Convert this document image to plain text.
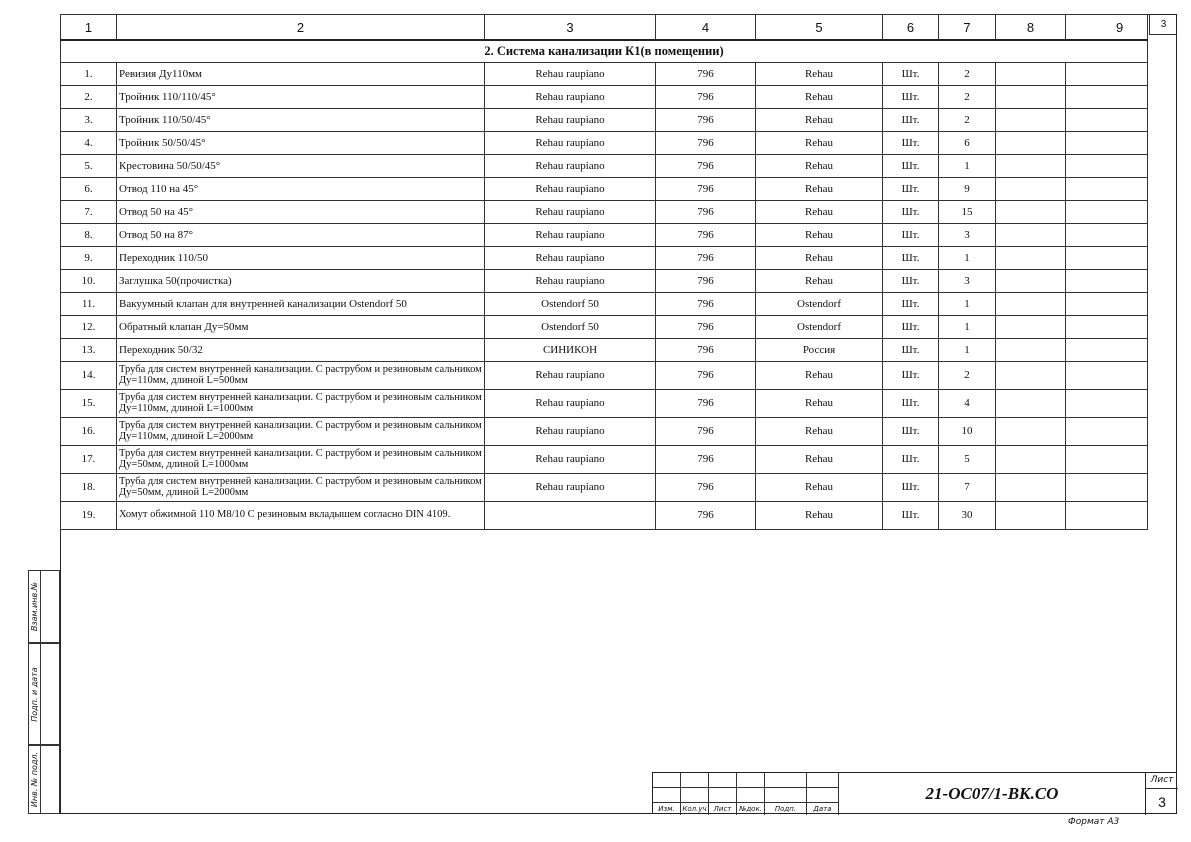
1	2	3	4	5	6	7	8	9
2. Система канализации К1(в помещении)								
1.	Ревизия Ду110мм	Rehau raupiano	796	Rehau	Шт.	2		
2.	Тройник 110/110/45°	Rehau raupiano	796	Rehau	Шт.	2		
3.	Тройник 110/50/45°	Rehau raupiano	796	Rehau	Шт.	2		
4.	Тройник 50/50/45°	Rehau raupiano	796	Rehau	Шт.	6		
5.	Крестовина 50/50/45°	Rehau raupiano	796	Rehau	Шт.	1		
6.	Отвод 110 на 45°	Rehau raupiano	796	Rehau	Шт.	9		
7.	Отвод 50 на 45°	Rehau raupiano	796	Rehau	Шт.	15		
8.	Отвод 50 на 87°	Rehau raupiano	796	Rehau	Шт.	3		
9.	Переходник 110/50	Rehau raupiano	796	Rehau	Шт.	1		
10.	Заглушка 50(прочистка)	Rehau raupiano	796	Rehau	Шт.	3		
11.	Вакуумный клапан для внутренней канализации Ostendorf 50	Ostendorf 50	796	Ostendorf	Шт.	1		
12.	Обратный клапан Ду=50мм	Ostendorf 50	796	Ostendorf	Шт.	1		
13.	Переходник 50/32	СИНИКОН	796	Россия	Шт.	1		
14.	Труба для систем внутренней канализации. С раструбом и резиновым сальником Ду=110мм, длиной L=500мм	Rehau raupiano	796	Rehau	Шт.	2		
15.	Труба для систем внутренней канализации. С раструбом и резиновым сальником Ду=110мм, длиной L=1000мм	Rehau raupiano	796	Rehau	Шт.	4		
16.	Труба для систем внутренней канализации. С раструбом и резиновым сальником Ду=110мм, длиной L=2000мм	Rehau raupiano	796	Rehau	Шт.	10		
17.	Труба для систем внутренней канализации. С раструбом и резиновым сальником Ду=50мм, длиной L=1000мм	Rehau raupiano	796	Rehau	Шт.	5		
18.	Труба для систем внутренней канализации. С раструбом и резиновым сальником Ду=50мм, длиной L=2000мм	Rehau raupiano	796	Rehau	Шт.	7		
19.	Хомут обжимной 110 М8/10 С резиновым вкладышем согласно DIN 4109.		796	Rehau	Шт.	30		
3
Взам.инв.№
Подп. и дата
Инв. № подл.
Изм.	Кол.уч	Лист	№док.	Подп.	Дата
21-ОС07/1-ВК.СО
Лист
3
Формат А3
